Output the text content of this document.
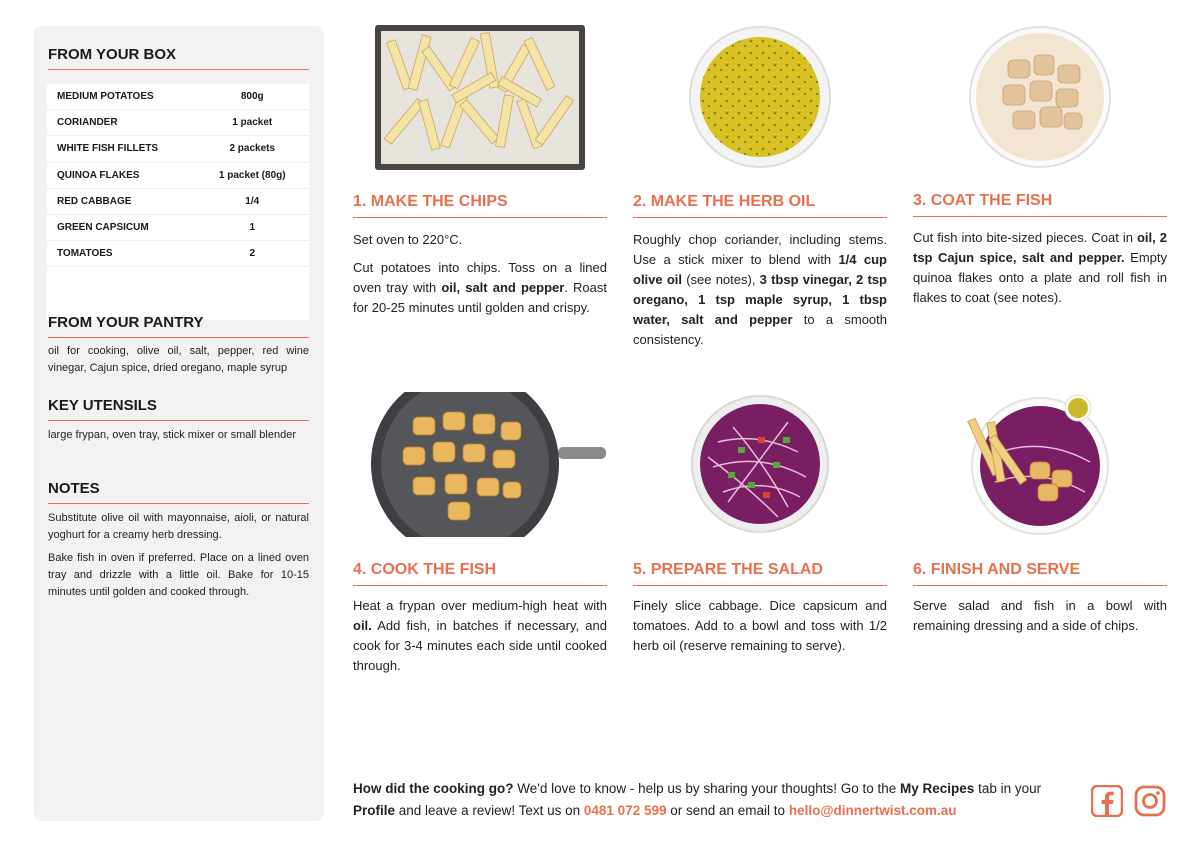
FROM YOUR BOX
MEDIUM POTATOES	800g
CORIANDER	1 packet
WHITE FISH FILLETS	2 packets
QUINOA FLAKES	1 packet (80g)
RED CABBAGE	1/4
GREEN CAPSICUM	1
TOMATOES	2
FROM YOUR PANTRY
oil for cooking, olive oil, salt, pepper, red wine vinegar, Cajun spice, dried oregano, maple syrup
KEY UTENSILS
large frypan, oven tray, stick mixer or small blender
NOTES

Substitute olive oil with mayonnaise, aioli, or natural yoghurt for a creamy herb dressing.

Bake fish in oven if preferred. Place on a lined oven tray and drizzle with a little oil. Bake for 10-15 minutes until golden and cooked through.

1. MAKE THE CHIPS

Set oven to 220°C.

Cut potatoes into chips. Toss on a lined oven tray with oil, salt and pepper. Roast for 20-25 minutes until golden and crispy.

2. MAKE THE HERB OIL

Roughly chop coriander, including stems. Use a stick mixer to blend with 1/4 cup olive oil (see notes), 3 tbsp vinegar, 2 tsp oregano, 1 tsp maple syrup, 1 tbsp water, salt and pepper to a smooth consistency.

3. COAT THE FISH

Cut fish into bite-sized pieces. Coat in oil, 2 tsp Cajun spice, salt and pepper. Empty quinoa flakes onto a plate and roll fish in flakes to coat (see notes).

4. COOK THE FISH

Heat a frypan over medium-high heat with oil. Add fish, in batches if necessary, and cook for 3-4 minutes each side until cooked through.

5. PREPARE THE SALAD

Finely slice cabbage. Dice capsicum and tomatoes. Add to a bowl and toss with 1/2 herb oil (reserve remaining to serve).

6. FINISH AND SERVE

Serve salad and fish in a bowl with remaining dressing and a side of chips.

How did the cooking go? We'd love to know - help us by sharing your thoughts! Go to the My Recipes tab in your Profile and leave a review! Text us on 0481 072 599 or send an email to hello@dinnertwist.com.au
